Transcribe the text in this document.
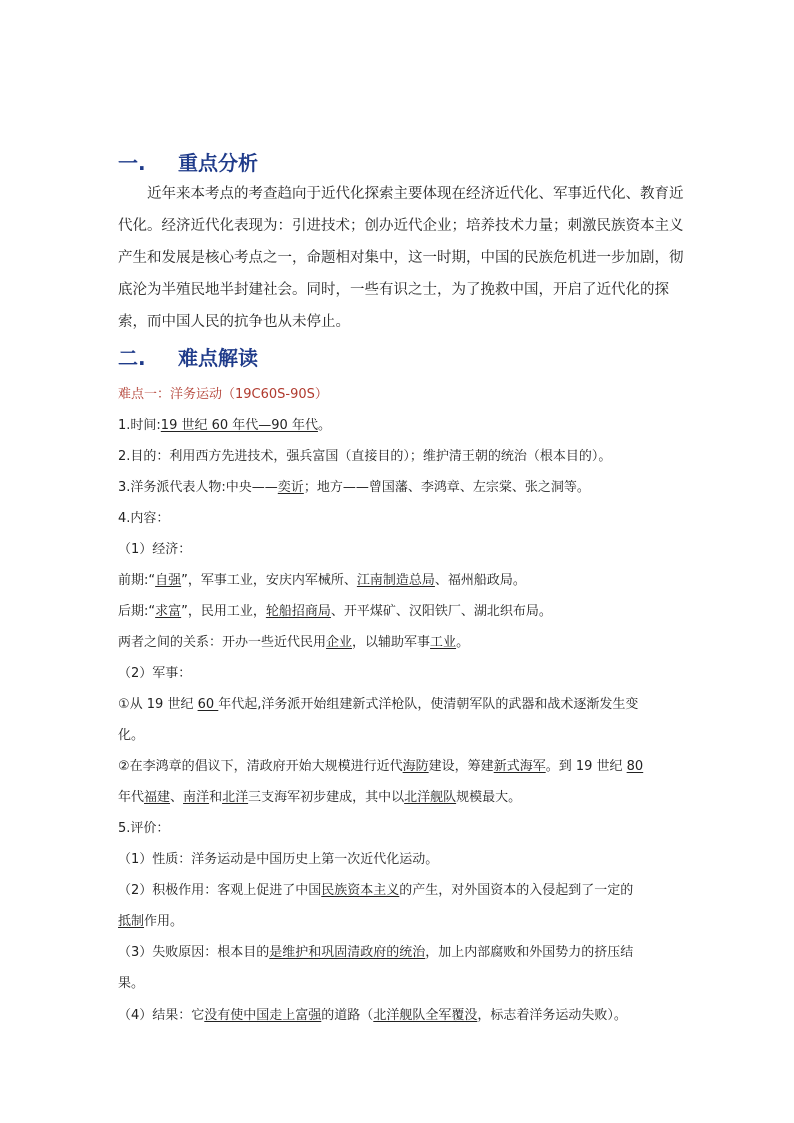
一. 重点分析
近年来本考点的考查趋向于近代化探索主要体现在经济近代化、军事近代化、教育近
代化。经济近代化表现为：引进技术；创办近代企业；培养技术力量；刺激民族资本主义
产生和发展是核心考点之一，命题相对集中，这一时期，中国的民族危机进一步加剧，彻
底沦为半殖民地半封建社会。同时，一些有识之士，为了挽救中国，开启了近代化的探
索，而中国人民的抗争也从未停止。
二. 难点解读
难点一：洋务运动（19C60S-90S）
1.时间:19 世纪 60 年代—90 年代。
2.目的：利用西方先进技术，强兵富国（直接目的）；维护清王朝的统治（根本目的）。
3.洋务派代表人物:中央——奕䜣；地方——曾国藩、李鸿章、左宗棠、张之洞等。
4.内容：
（1）经济：
前期:“自强”，军事工业，安庆内军械所、江南制造总局、福州船政局。
后期:“求富”，民用工业，轮船招商局、开平煤矿、汉阳铁厂、湖北织布局。
两者之间的关系：开办一些近代民用企业，以辅助军事工业。
（2）军事：
①从 19 世纪 60 年代起,洋务派开始组建新式洋枪队，使清朝军队的武器和战术逐渐发生变
化。
②在李鸿章的倡议下，清政府开始大规模进行近代海防建设，筹建新式海军。到 19 世纪 80
年代福建、南洋和北洋三支海军初步建成，其中以北洋舰队规模最大。
5.评价：
（1）性质：洋务运动是中国历史上第一次近代化运动。
（2）积极作用：客观上促进了中国民族资本主义的产生，对外国资本的入侵起到了一定的
抵制作用。
（3）失败原因：根本目的是维护和巩固清政府的统治，加上内部腐败和外国势力的挤压结
果。
（4）结果：它没有使中国走上富强的道路（北洋舰队全军覆没，标志着洋务运动失败）。
